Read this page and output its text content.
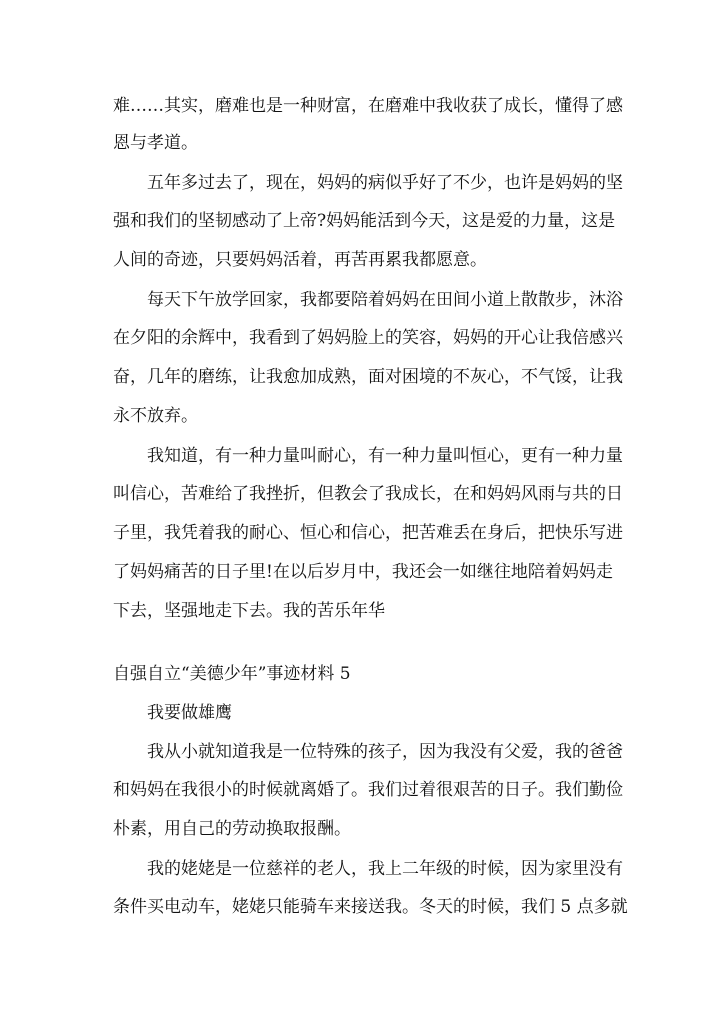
难……其实，磨难也是一种财富，在磨难中我收获了成长，懂得了感
恩与孝道。
五年多过去了，现在，妈妈的病似乎好了不少，也许是妈妈的坚
强和我们的坚韧感动了上帝?妈妈能活到今天，这是爱的力量，这是
人间的奇迹，只要妈妈活着，再苦再累我都愿意。
每天下午放学回家，我都要陪着妈妈在田间小道上散散步，沐浴
在夕阳的余辉中，我看到了妈妈脸上的笑容，妈妈的开心让我倍感兴
奋，几年的磨练，让我愈加成熟，面对困境的不灰心，不气馁，让我
永不放弃。
我知道，有一种力量叫耐心，有一种力量叫恒心，更有一种力量
叫信心，苦难给了我挫折，但教会了我成长，在和妈妈风雨与共的日
子里，我凭着我的耐心、恒心和信心，把苦难丢在身后，把快乐写进
了妈妈痛苦的日子里!在以后岁月中，我还会一如继往地陪着妈妈走
下去，坚强地走下去。我的苦乐年华
自强自立“美德少年”事迹材料 5
我要做雄鹰
我从小就知道我是一位特殊的孩子，因为我没有父爱，我的爸爸
和妈妈在我很小的时候就离婚了。我们过着很艰苦的日子。我们勤俭
朴素，用自己的劳动换取报酬。
我的姥姥是一位慈祥的老人，我上二年级的时候，因为家里没有
条件买电动车，姥姥只能骑车来接送我。冬天的时候，我们 5 点多就
